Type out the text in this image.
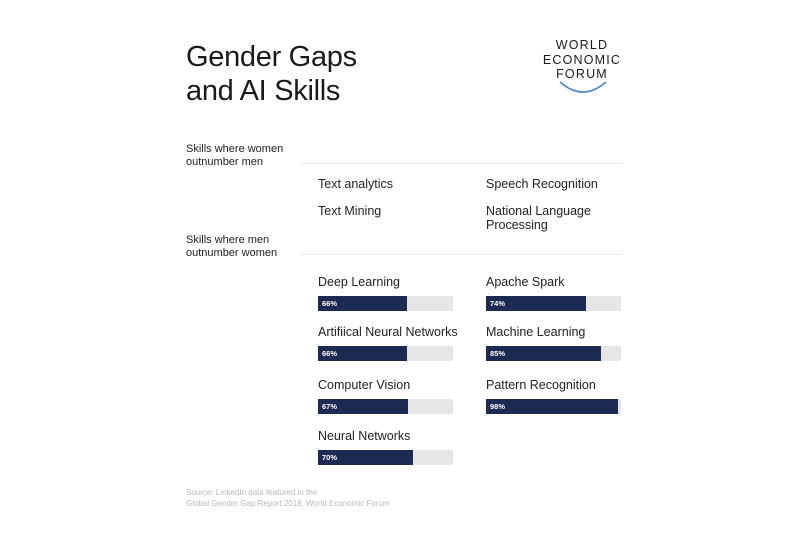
Gender Gaps
and AI Skills
WORLD
ECONOMIC
FORUM
Skills where women
outnumber men
Text analytics
Text Mining
Speech Recognition
National Language
Processing
Skills where men
outnumber women
Deep Learning
66%
Artifiical Neural Networks
66%
Computer Vision
67%
Neural Networks
70%
Apache Spark
74%
Machine Learning
85%
Pattern Recognition
98%
Source: LinkedIn data featured in the
Global Gender Gap Report 2018, World Economic Forum
